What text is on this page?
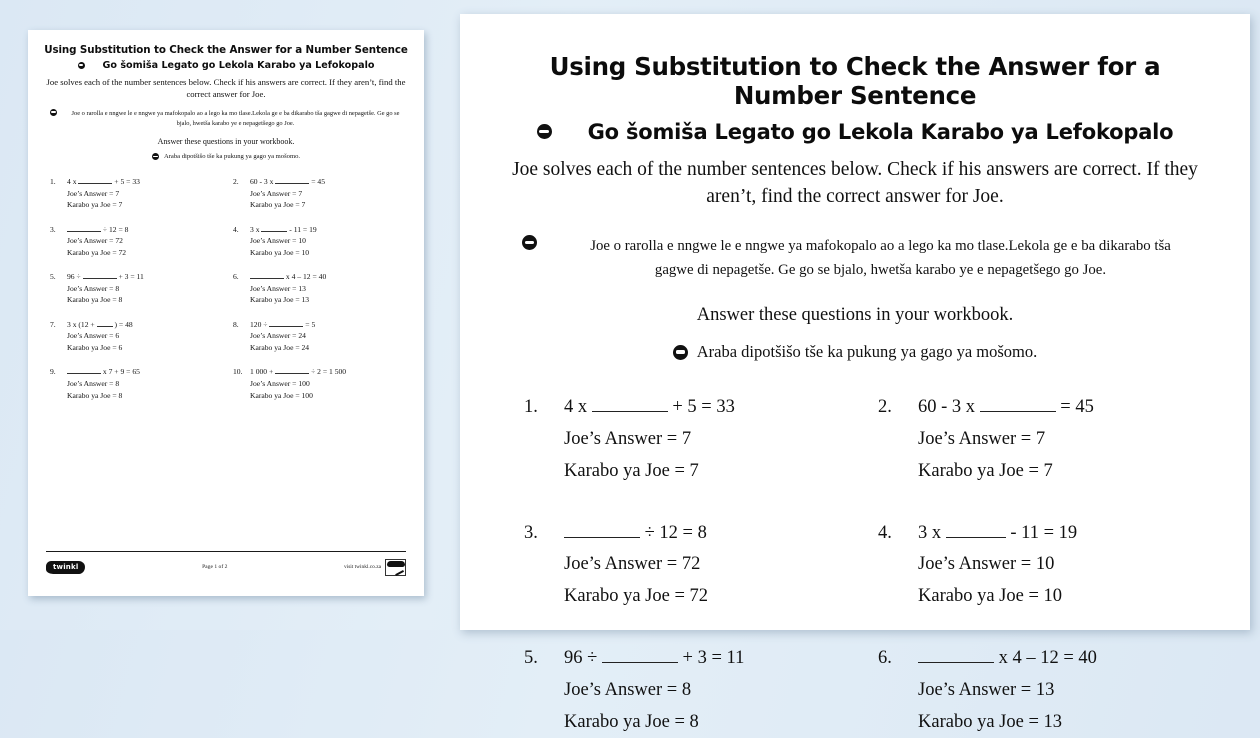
Using Substitution to Check the Answer for a Number Sentence
Go šomiša Legato go Lekola Karabo ya Lefokopalo
Joe solves each of the number sentences below. Check if his answers are correct. If they aren’t, find the correct answer for Joe.
Joe o rarolla e nngwe le e nngwe ya mafokopalo ao a lego ka mo tlase.Lekola ge e ba dikarabo tša gagwe di nepagetše. Ge go se bjalo, hwetša karabo ye e nepagetšego go Joe.
Answer these questions in your workbook.
Araba dipotšišo tše ka pukung ya gago ya mošomo.
1.	4 x	+ 5 = 33
Joe’s Answer = 7
Karabo ya Joe = 7
2.	60 - 3 x	= 45
Joe’s Answer = 7
Karabo ya Joe = 7
3.	÷ 12 = 8
Joe’s Answer = 72
Karabo ya Joe = 72
4.	3 x	- 11 = 19
Joe’s Answer = 10
Karabo ya Joe = 10
5.	96 ÷	+ 3 = 11
Joe’s Answer = 8
Karabo ya Joe = 8
6.	x 4 – 12 = 40
Joe’s Answer = 13
Karabo ya Joe = 13
7.	3 x (12 +  ) = 48
Joe’s Answer = 6
Karabo ya Joe = 6
8.	120 ÷	= 5
Joe’s Answer = 24
Karabo ya Joe = 24
9.	x 7 + 9 = 65
Joe’s Answer = 8
Karabo ya Joe = 8
10. 1 000 +	÷ 2 = 1 500
Joe’s Answer = 100
Karabo ya Joe = 100
twinkl	Page 1 of 2	visit twinkl.co.za
Using Substitution to Check the Answer for a Number Sentence
Go šomiša Legato go Lekola Karabo ya Lefokopalo
Joe solves each of the number sentences below. Check if his answers are correct. If they aren’t, find the correct answer for Joe.
Joe o rarolla e nngwe le e nngwe ya mafokopalo ao a lego ka mo tlase.Lekola ge e ba dikarabo tša gagwe di nepagetše. Ge go se bjalo, hwetša karabo ye e nepagetšego go Joe.
Answer these questions in your workbook.
Araba dipotšišo tše ka pukung ya gago ya mošomo.
1.	4 x	+ 5 = 33
Joe’s Answer = 7
Karabo ya Joe = 7
2.	60 - 3 x	= 45
Joe’s Answer = 7
Karabo ya Joe = 7
3.	÷ 12 = 8
Joe’s Answer = 72
Karabo ya Joe = 72
4.	3 x	- 11 = 19
Joe’s Answer = 10
Karabo ya Joe = 10
5.	96 ÷	+ 3 = 11
Joe’s Answer = 8
Karabo ya Joe = 8
6.	x 4 – 12 = 40
Joe’s Answer = 13
Karabo ya Joe = 13
